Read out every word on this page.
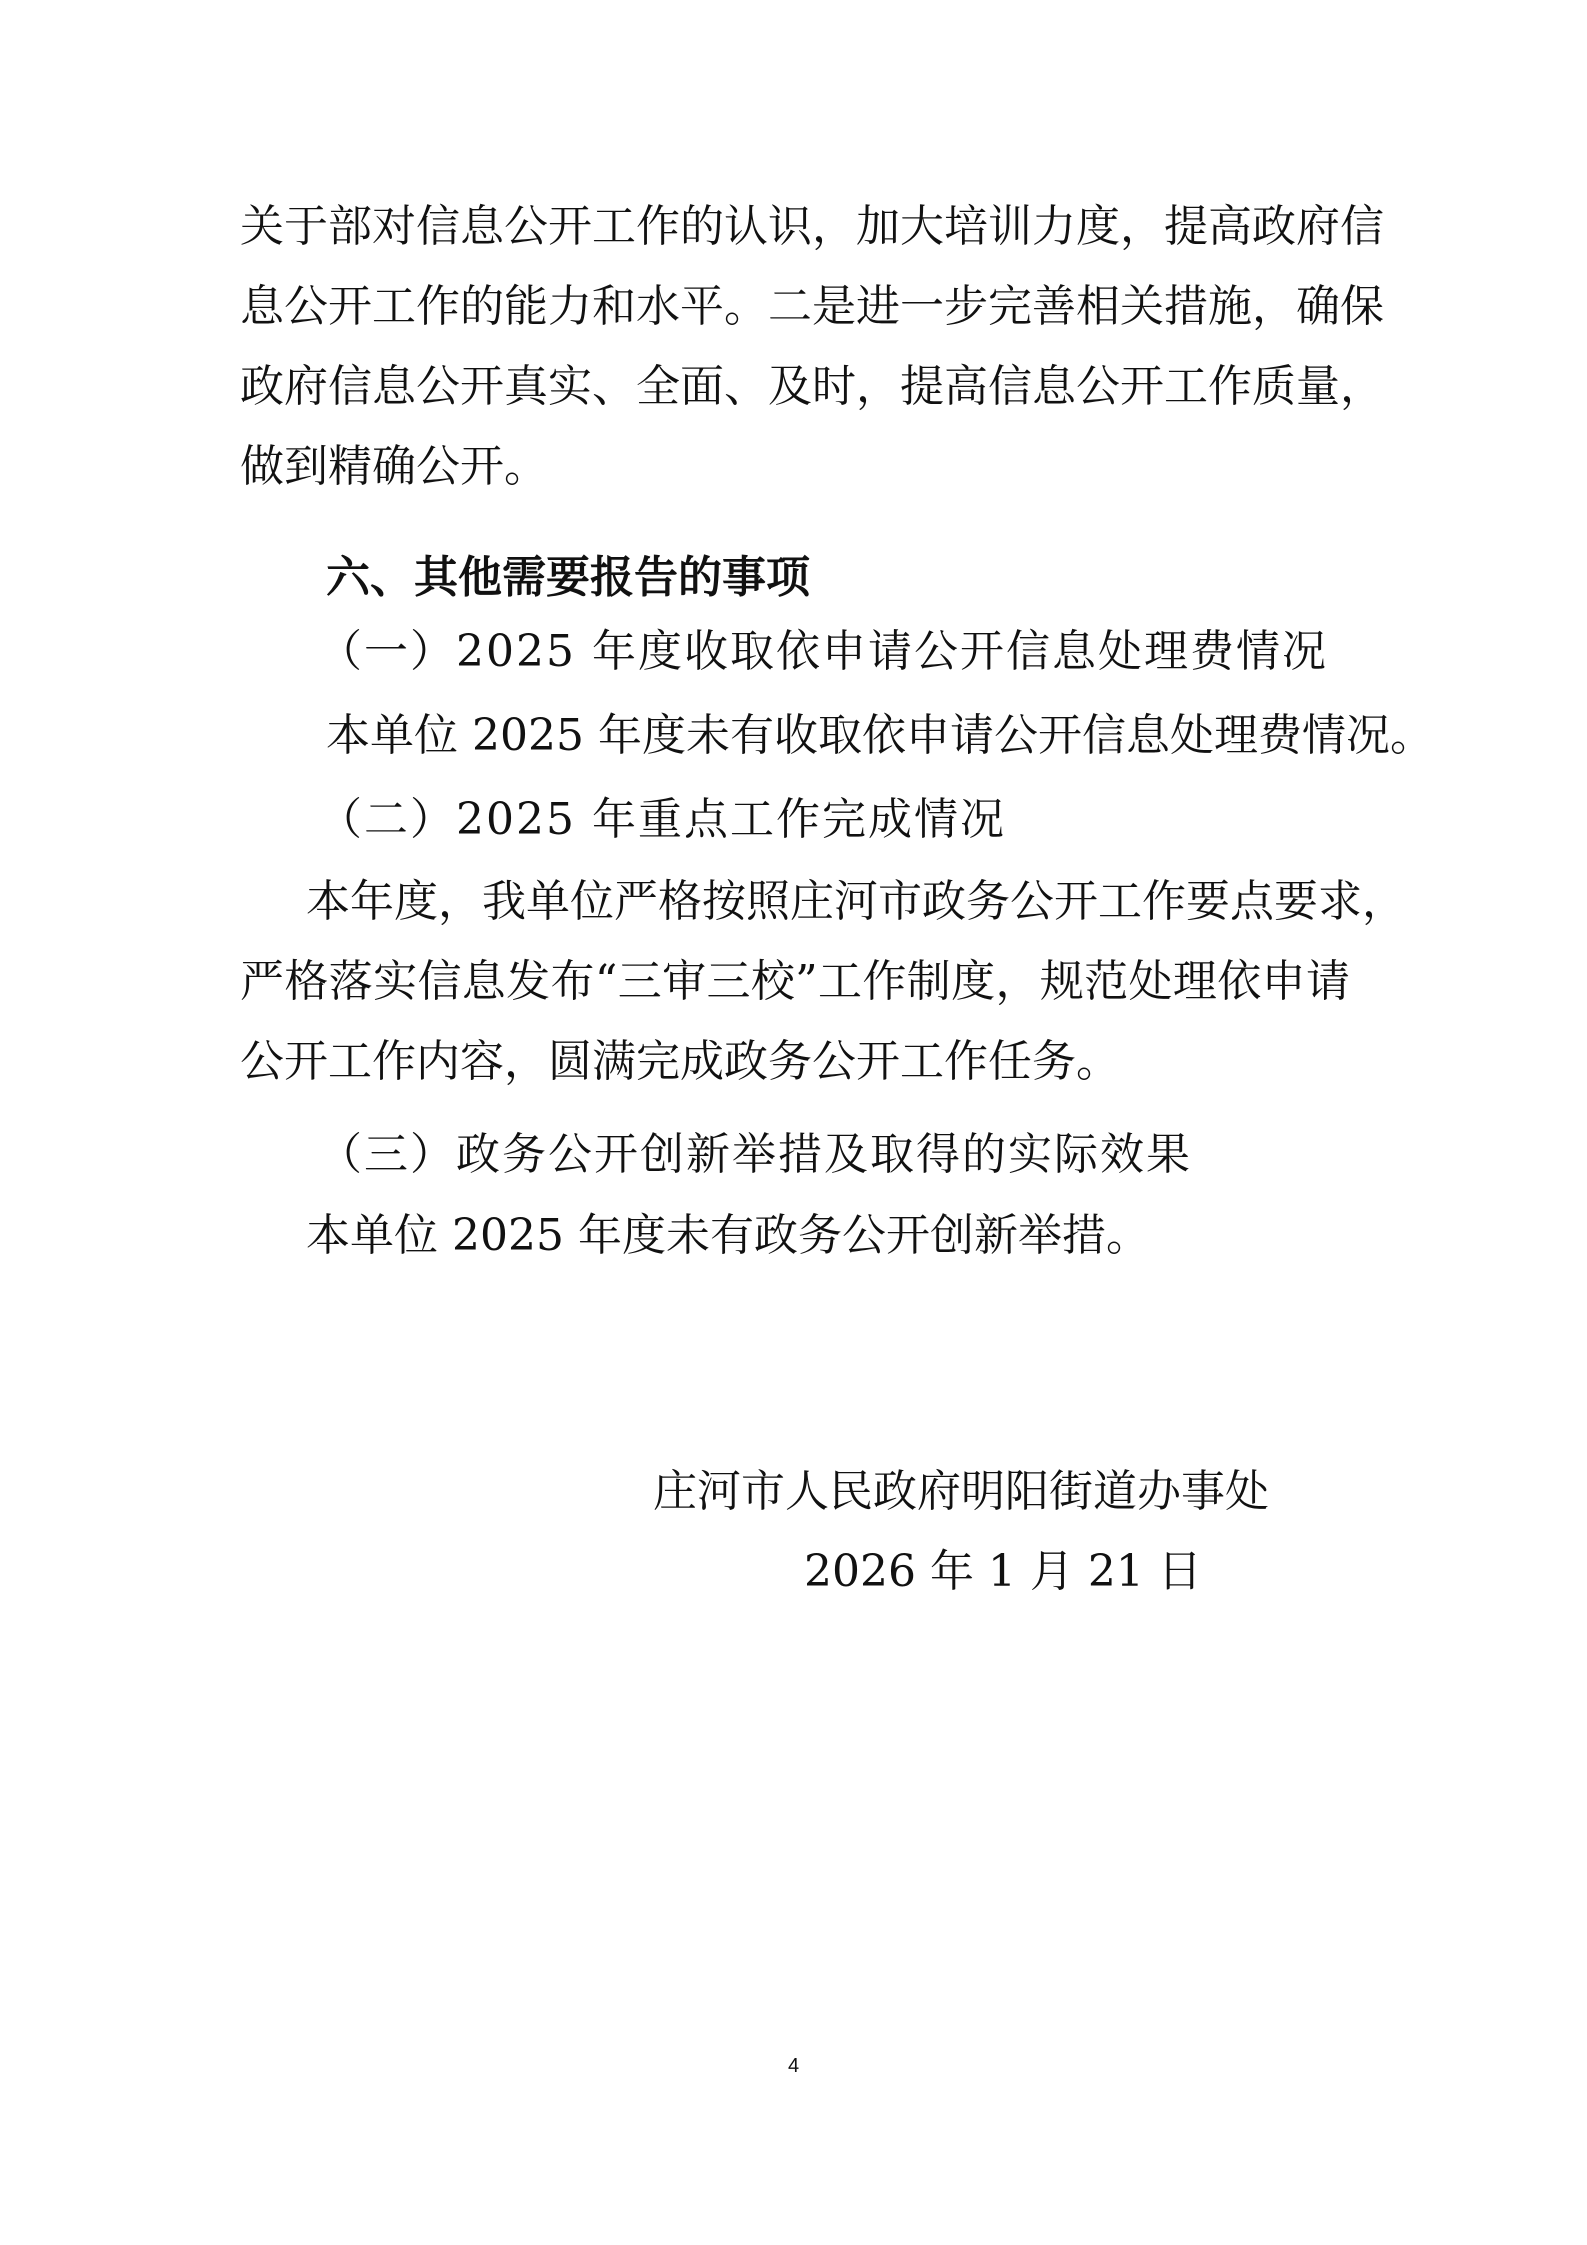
关于部对信息公开工作的认识，加大培训力度，提高政府信

息公开工作的能力和水平。二是进一步完善相关措施，确保

政府信息公开真实、全面、及时，提高信息公开工作质量，

做到精确公开。

六、其他需要报告的事项

（一）2025 年度收取依申请公开信息处理费情况

本单位 2025 年度未有收取依申请公开信息处理费情况。

（二）2025 年重点工作完成情况

本年度，我单位严格按照庄河市政务公开工作要点要求，

严格落实信息发布“三审三校”工作制度，规范处理依申请

公开工作内容，圆满完成政务公开工作任务。

（三）政务公开创新举措及取得的实际效果

本单位 2025 年度未有政务公开创新举措。

庄河市人民政府明阳街道办事处

2026 年 1 月 21 日

4
